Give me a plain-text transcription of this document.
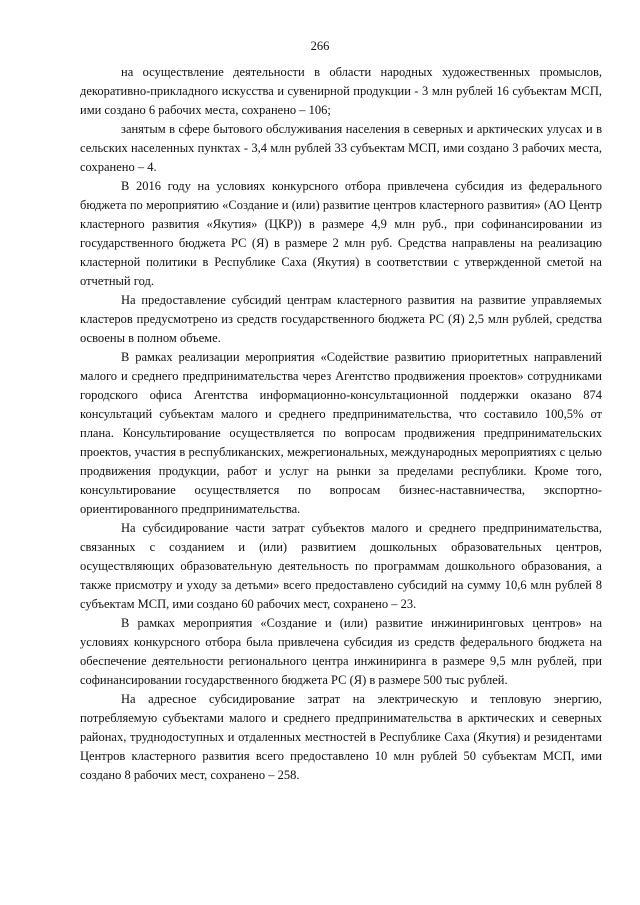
266

на осуществление деятельности в области народных художественных промыслов, декоративно-прикладного искусства и сувенирной продукции - 3 млн рублей 16 субъектам МСП, ими создано 6 рабочих места, сохранено – 106;

занятым в сфере бытового обслуживания населения в северных и арктических улусах и в сельских населенных пунктах - 3,4 млн рублей 33 субъектам МСП, ими создано 3 рабочих места, сохранено – 4.

В 2016 году на условиях конкурсного отбора привлечена субсидия из федерального бюджета по мероприятию «Создание и (или) развитие центров кластерного развития» (АО Центр кластерного развития «Якутия» (ЦКР)) в размере 4,9 млн руб., при софинансировании из государственного бюджета РС (Я) в размере 2 млн руб. Средства направлены на реализацию кластерной политики в Республике Саха (Якутия) в соответствии с утвержденной сметой на отчетный год.

На предоставление субсидий центрам кластерного развития на развитие управляемых кластеров предусмотрено из средств государственного бюджета РС (Я) 2,5 млн рублей, средства освоены в полном объеме.

В рамках реализации мероприятия «Содействие развитию приоритетных направлений малого и среднего предпринимательства через Агентство продвижения проектов» сотрудниками городского офиса Агентства информационно-консультационной поддержки оказано 874 консультаций субъектам малого и среднего предпринимательства, что составило 100,5% от плана. Консультирование осуществляется по вопросам продвижения предпринимательских проектов, участия в республиканских, межрегиональных, международных мероприятиях с целью продвижения продукции, работ и услуг на рынки за пределами республики. Кроме того, консультирование осуществляется по вопросам бизнес-наставничества, экспортно-ориентированного предпринимательства.

На субсидирование части затрат субъектов малого и среднего предпринимательства, связанных с созданием и (или) развитием дошкольных образовательных центров, осуществляющих образовательную деятельность по программам дошкольного образования, а также присмотру и уходу за детьми» всего предоставлено субсидий на сумму 10,6 млн рублей 8 субъектам МСП, ими создано 60 рабочих мест, сохранено – 23.

В рамках мероприятия «Создание и (или) развитие инжиниринговых центров» на условиях конкурсного отбора была привлечена субсидия из средств федерального бюджета на обеспечение деятельности регионального центра инжиниринга в размере 9,5 млн рублей, при софинансировании государственного бюджета РС (Я) в размере 500 тыс рублей.

На адресное субсидирование затрат на электрическую и тепловую энергию, потребляемую субъектами малого и среднего предпринимательства в арктических и северных районах, труднодоступных и отдаленных местностей в Республике Саха (Якутия) и резидентами Центров кластерного развития всего предоставлено 10 млн рублей 50 субъектам МСП, ими создано 8 рабочих мест, сохранено – 258.
